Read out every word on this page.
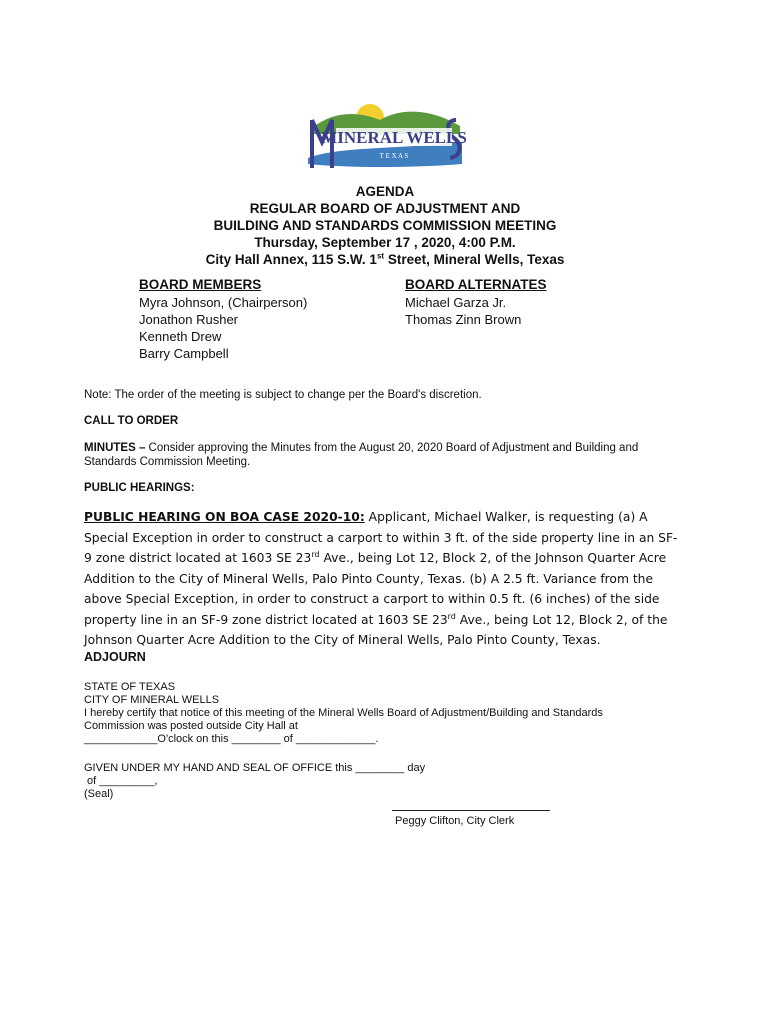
MINERAL WELLS
T E X A S
AGENDA
REGULAR BOARD OF ADJUSTMENT AND
BUILDING AND STANDARDS COMMISSION MEETING
Thursday, September 17 , 2020, 4:00 P.M.
City Hall Annex, 115 S.W. 1st Street, Mineral Wells, Texas
BOARD MEMBERS
Myra Johnson, (Chairperson)
Jonathon Rusher
Kenneth Drew
Barry Campbell
BOARD ALTERNATES
Michael Garza Jr.
Thomas Zinn Brown
Note: The order of the meeting is subject to change per the Board's discretion.
CALL TO ORDER
MINUTES – Consider approving the Minutes from the August 20, 2020 Board of Adjustment and Building and Standards Commission Meeting.
PUBLIC HEARINGS:
PUBLIC HEARING ON BOA CASE 2020-10: Applicant, Michael Walker, is requesting (a) A Special Exception in order to construct a carport to within 3 ft. of the side property line in an SF-9 zone district located at 1603 SE 23rd Ave., being Lot 12, Block 2, of the Johnson Quarter Acre Addition to the City of Mineral Wells, Palo Pinto County, Texas. (b) A 2.5 ft. Variance from the above Special Exception, in order to construct a carport to within 0.5 ft. (6 inches) of the side property line in an SF-9 zone district located at 1603 SE 23rd Ave., being Lot 12, Block 2, of the Johnson Quarter Acre Addition to the City of Mineral Wells, Palo Pinto County, Texas.
ADJOURN
STATE OF TEXAS
CITY OF MINERAL WELLS
I hereby certify that notice of this meeting of the Mineral Wells Board of Adjustment/Building and Standards
Commission was posted outside City Hall at
____________O'clock on this ________ of _____________.
GIVEN UNDER MY HAND AND SEAL OF OFFICE this ________ day
of _________,
(Seal)
Peggy Clifton, City Clerk
